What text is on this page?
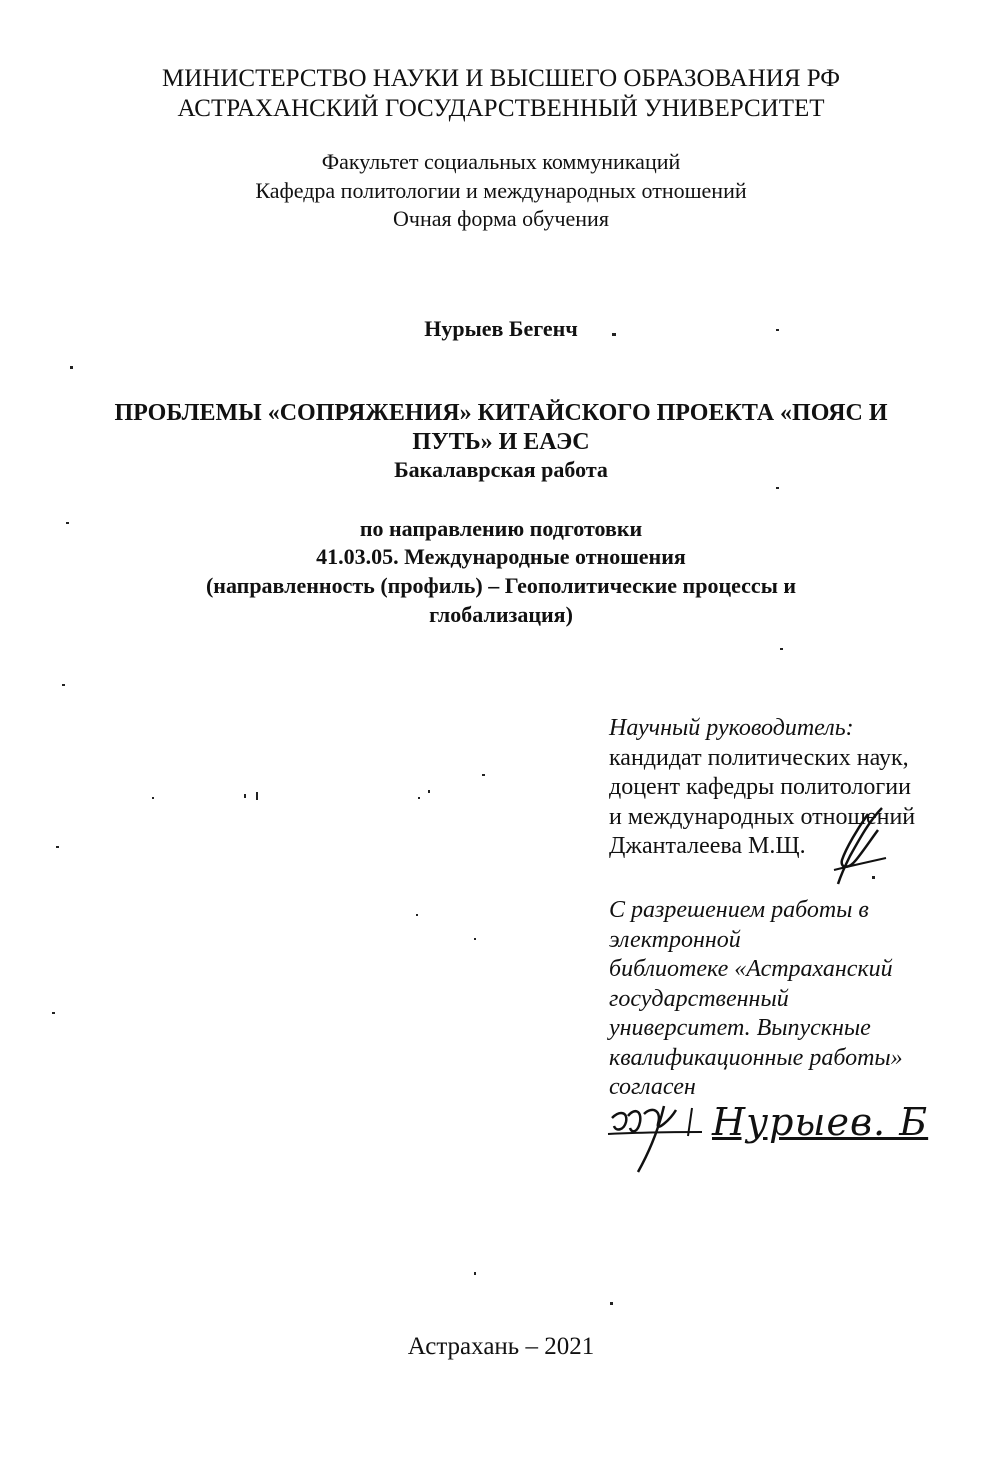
МИНИСТЕРСТВО НАУКИ И ВЫСШЕГО ОБРАЗОВАНИЯ РФ
АСТРАХАНСКИЙ ГОСУДАРСТВЕННЫЙ УНИВЕРСИТЕТ
Факультет социальных коммуникаций
Кафедра политологии и международных отношений
Очная форма обучения
Нурыев Бегенч
ПРОБЛЕМЫ «СОПРЯЖЕНИЯ» КИТАЙСКОГО ПРОЕКТА «ПОЯС И
ПУТЬ» И ЕАЭС
Бакалаврская работа
по направлению подготовки
41.03.05. Международные отношения
(направленность (профиль) – Геополитические процессы и
глобализация)
Научный руководитель:
кандидат политических наук,
доцент кафедры политологии
и международных отношений
Джанталеева М.Щ.
С разрешением работы в
электронной
библиотеке «Астраханский
государственный
университет. Выпускные
квалификационные работы»
согласен
Нурыев. Б
Астрахань – 2021
